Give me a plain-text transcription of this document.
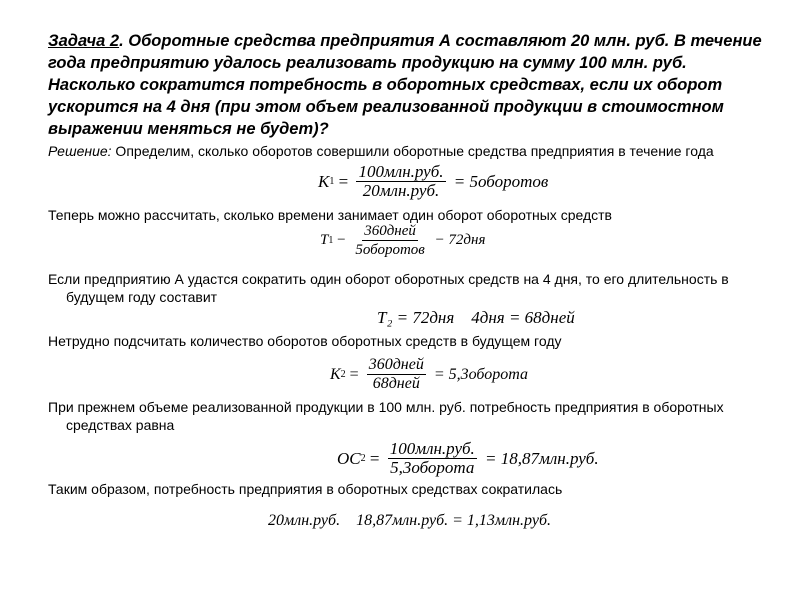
Задача 2. Оборотные средства предприятия А составляют 20 млн. руб. В течение года предприятию удалось реализовать продукцию на сумму 100 млн. руб. Насколько сократится потребность в оборотных средствах, если их оборот ускорится на 4 дня (при этом объем реализованной продукции в стоимостном выражении меняться не будет)?
Решение: Определим, сколько оборотов совершили оборотные средства предприятия в течение года
K $1 = \frac{\text{100млн.руб.}}{\text{20млн.руб.}}$ = 5оборотов
Теперь можно рассчитать, сколько времени занимает один оборот оборотных средств
T $1 - \frac{\text{360дней}}{\text{5оборотов}} - 72дня$
Если предприятию А удастся сократить один оборот оборотных средств на 4 дня, то его длительность в будущем году составит
T₂ = 72дня    4дня = 68дней
Нетрудно подсчитать количество оборотов оборотных средств в будущем году
K $2 = \frac{\text{360дней}}{\text{68дней}}$ = 5,3оборота
При прежнем объеме реализованной продукции в 100 млн. руб. потребность предприятия в оборотных средствах равна
OC $2 = \frac{\text{100млн.руб.}}{\text{5,3оборота}} = 18,87млн.руб$.
Таким образом, потребность предприятия в оборотных средствах сократилась
20млн.руб.    18,87млн.руб. = 1,13млн.руб.
